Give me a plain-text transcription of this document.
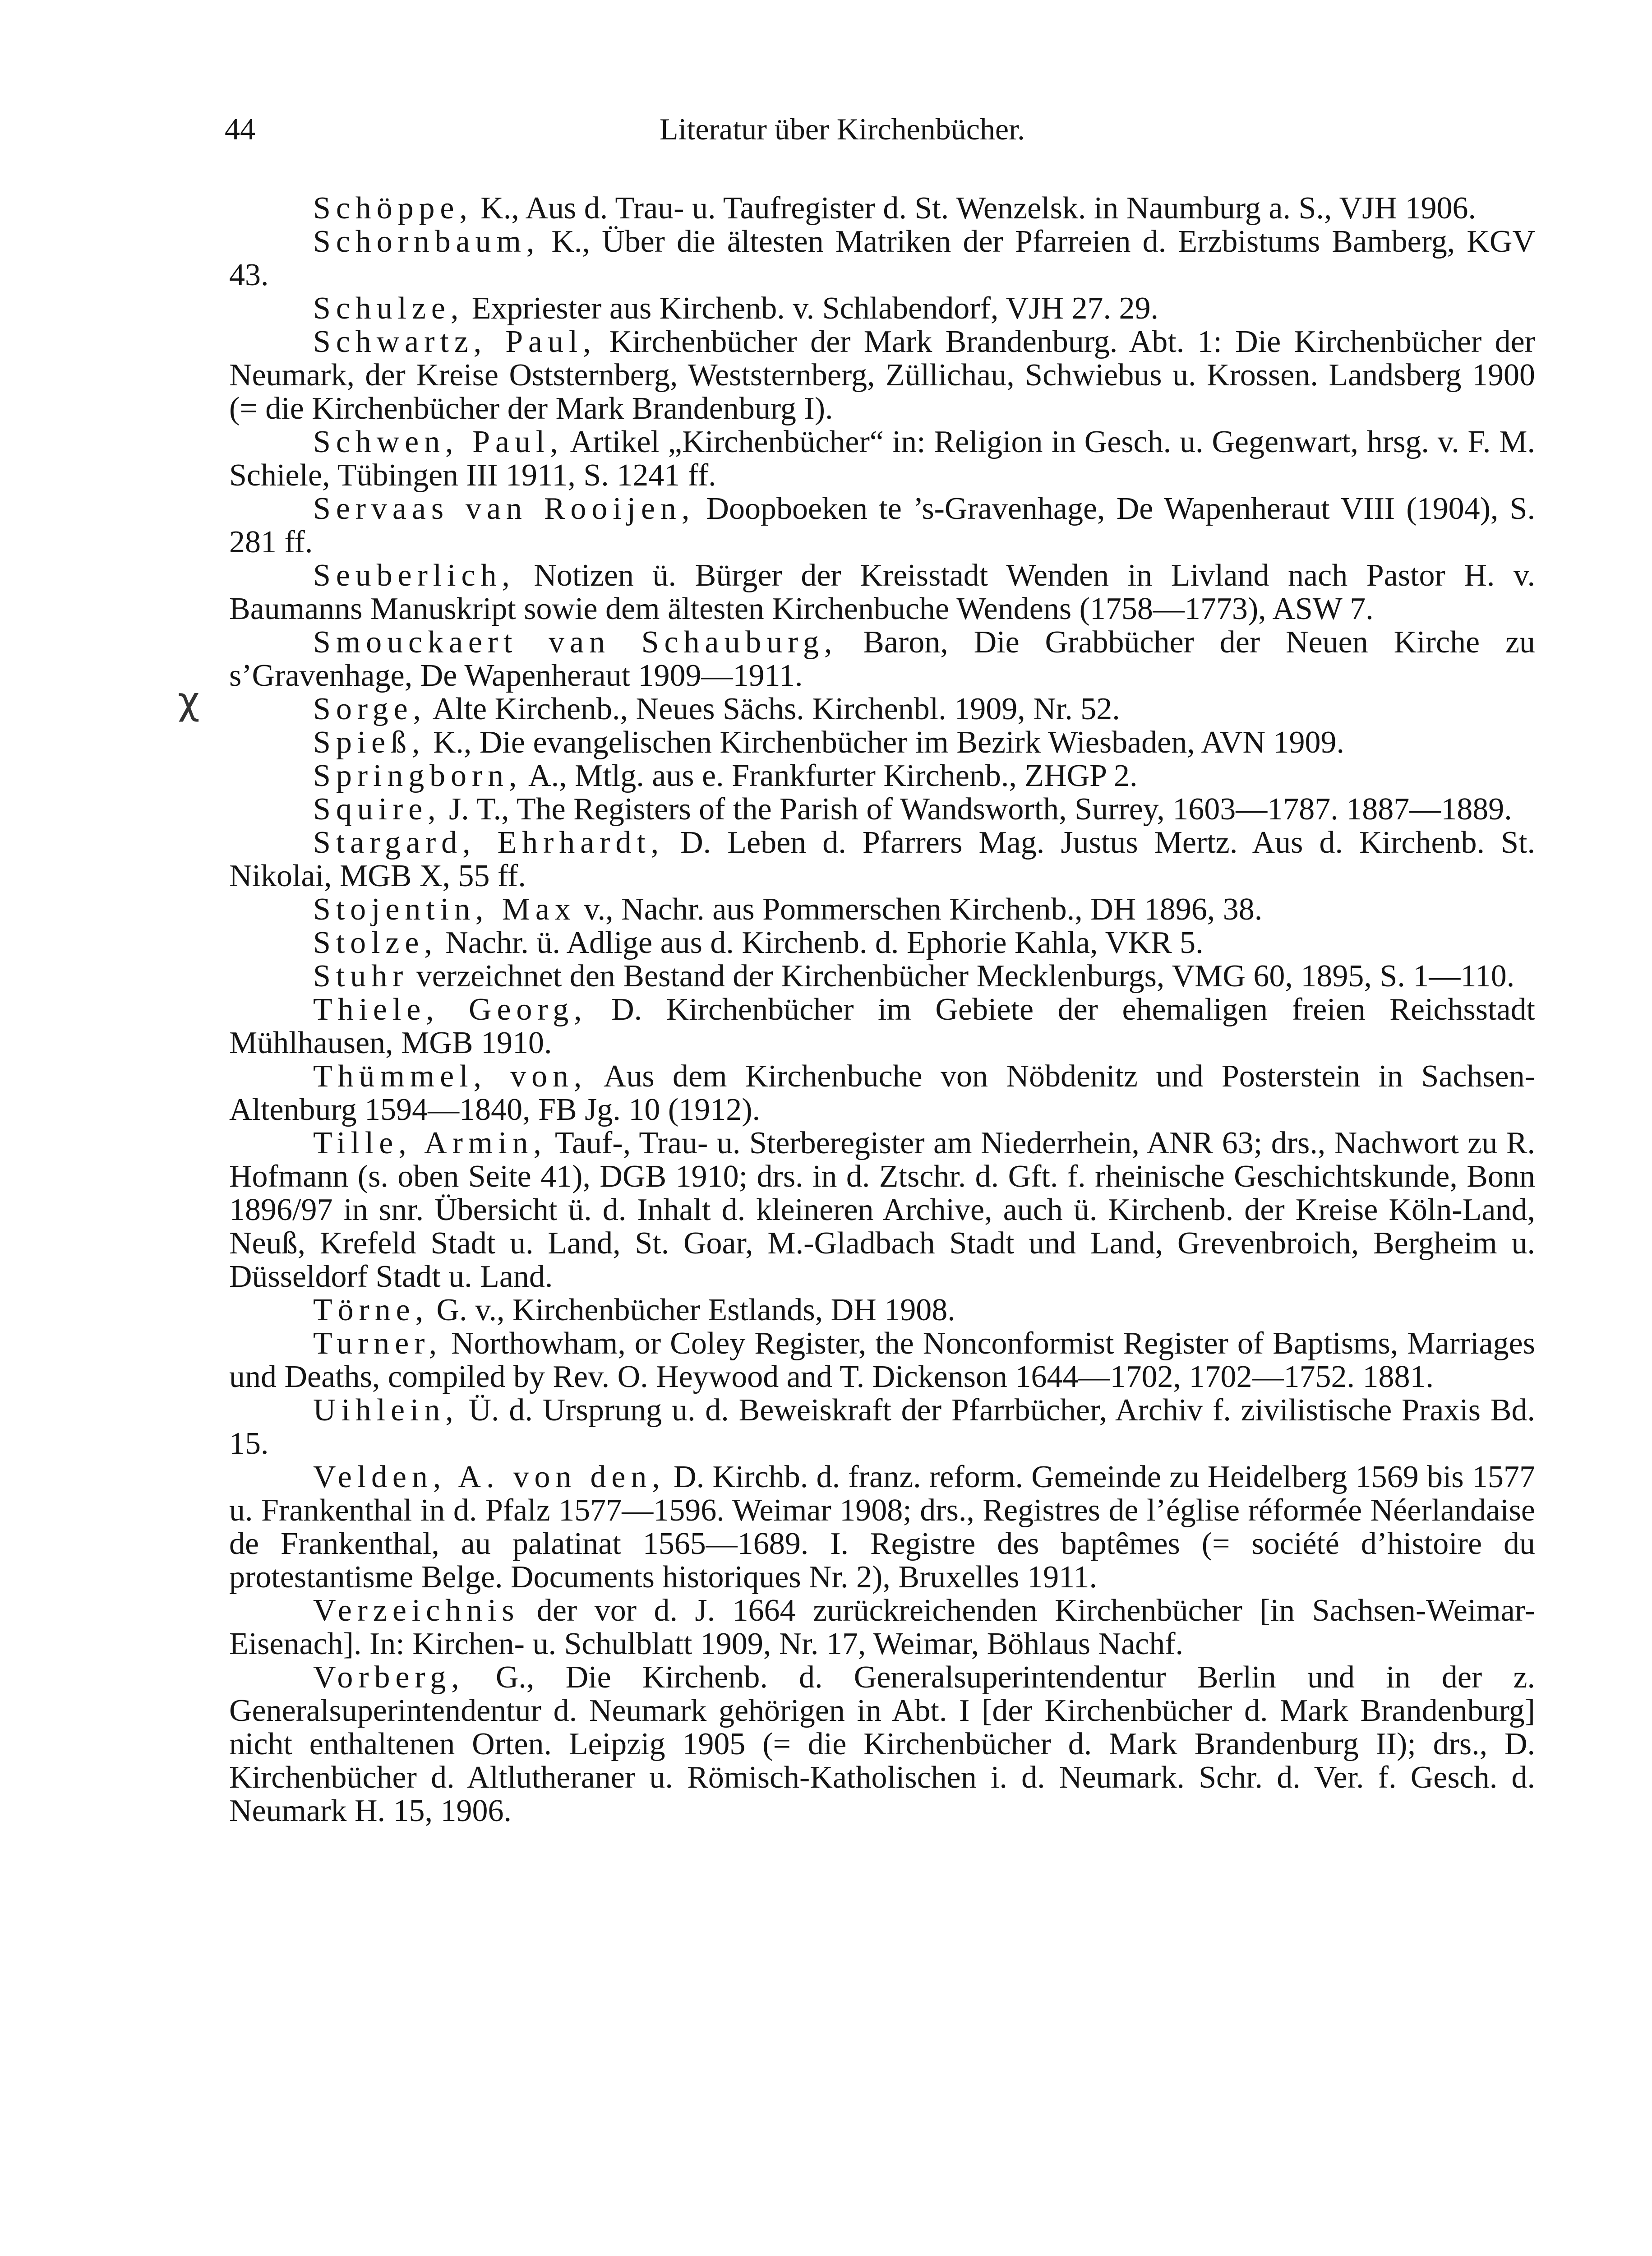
44	Literatur über Kirchenbücher.
χ

Schöppe, K., Aus d. Trau- u. Taufregister d. St. Wenzelsk. in Naumburg a. S., VJH 1906.

Schornbaum, K., Über die ältesten Matriken der Pfarreien d. Erzbistums Bamberg, KGV 43.

Schulze, Expriester aus Kirchenb. v. Schlabendorf, VJH 27. 29.

Schwartz, Paul, Kirchenbücher der Mark Brandenburg. Abt. 1: Die Kirchenbücher der Neumark, der Kreise Oststernberg, Weststernberg, Züllichau, Schwiebus u. Krossen. Landsberg 1900 (= die Kirchenbücher der Mark Brandenburg I).

Schwen, Paul, Artikel „Kirchenbücher“ in: Religion in Gesch. u. Gegenwart, hrsg. v. F. M. Schiele, Tübingen III 1911, S. 1241 ff.

Servaas van Rooijen, Doopboeken te ’s-Gravenhage, De Wapenheraut VIII (1904), S. 281 ff.

Seuberlich, Notizen ü. Bürger der Kreisstadt Wenden in Livland nach Pastor H. v. Baumanns Manuskript sowie dem ältesten Kirchenbuche Wendens (1758—1773), ASW 7.

Smouckaert van Schauburg, Baron, Die Grabbücher der Neuen Kirche zu s’Gravenhage, De Wapenheraut 1909—1911.

Sorge, Alte Kirchenb., Neues Sächs. Kirchenbl. 1909, Nr. 52.

Spieß, K., Die evangelischen Kirchenbücher im Bezirk Wiesbaden, AVN 1909.

Springborn, A., Mtlg. aus e. Frankfurter Kirchenb., ZHGP 2.

Squire, J. T., The Registers of the Parish of Wandsworth, Surrey, 1603—1787. 1887—1889.

Stargard, Ehrhardt, D. Leben d. Pfarrers Mag. Justus Mertz. Aus d. Kirchenb. St. Nikolai, MGB X, 55 ff.

Stojentin, Max v., Nachr. aus Pommerschen Kirchenb., DH 1896, 38.

Stolze, Nachr. ü. Adlige aus d. Kirchenb. d. Ephorie Kahla, VKR 5.

Stuhr verzeichnet den Bestand der Kirchenbücher Mecklenburgs, VMG 60, 1895, S. 1—110.

Thiele, Georg, D. Kirchenbücher im Gebiete der ehemaligen freien Reichsstadt Mühlhausen, MGB 1910.

Thümmel, von, Aus dem Kirchenbuche von Nöbdenitz und Posterstein in Sachsen-Altenburg 1594—1840, FB Jg. 10 (1912).

Tille, Armin, Tauf-, Trau- u. Sterberegister am Niederrhein, ANR 63; drs., Nachwort zu R. Hofmann (s. oben Seite 41), DGB 1910; drs. in d. Ztschr. d. Gft. f. rheinische Geschichtskunde, Bonn 1896/97 in snr. Übersicht ü. d. Inhalt d. kleineren Archive, auch ü. Kirchenb. der Kreise Köln-Land, Neuß, Krefeld Stadt u. Land, St. Goar, M.-Gladbach Stadt und Land, Grevenbroich, Bergheim u. Düsseldorf Stadt u. Land.

Törne, G. v., Kirchenbücher Estlands, DH 1908.

Turner, Northowham, or Coley Register, the Nonconformist Register of Baptisms, Marriages und Deaths, compiled by Rev. O. Heywood and T. Dickenson 1644—1702, 1702—1752. 1881.

Uihlein, Ü. d. Ursprung u. d. Beweiskraft der Pfarrbücher, Archiv f. zivilistische Praxis Bd. 15.

Velden, A. von den, D. Kirchb. d. franz. reform. Gemeinde zu Heidelberg 1569 bis 1577 u. Frankenthal in d. Pfalz 1577—1596. Weimar 1908; drs., Registres de l’église réformée Néerlandaise de Frankenthal, au palatinat 1565—1689. I. Registre des baptêmes (= société d’histoire du protestantisme Belge. Documents historiques Nr. 2), Bruxelles 1911.

Verzeichnis der vor d. J. 1664 zurückreichenden Kirchenbücher [in Sachsen-Weimar-Eisenach]. In: Kirchen- u. Schulblatt 1909, Nr. 17, Weimar, Böhlaus Nachf.

Vorberg, G., Die Kirchenb. d. Generalsuperintendentur Berlin und in der z. Generalsuperintendentur d. Neumark gehörigen in Abt. I [der Kirchenbücher d. Mark Brandenburg] nicht enthaltenen Orten. Leipzig 1905 (= die Kirchenbücher d. Mark Brandenburg II); drs., D. Kirchenbücher d. Altlutheraner u. Römisch-Katholischen i. d. Neumark. Schr. d. Ver. f. Gesch. d. Neumark H. 15, 1906.
